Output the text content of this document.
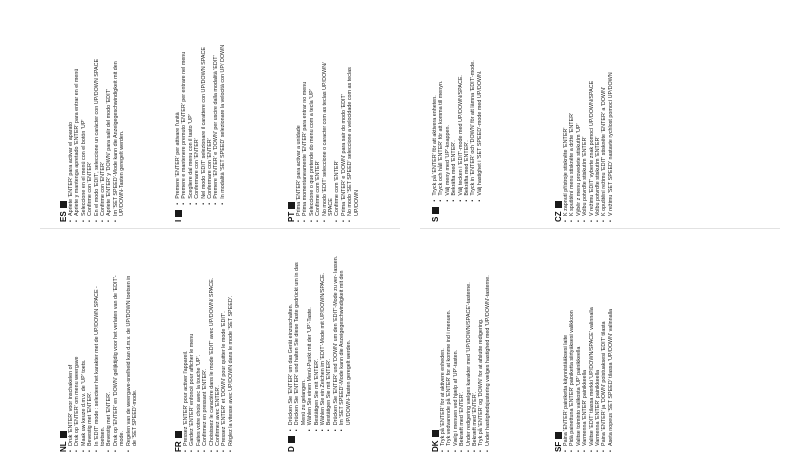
NL
• Druk 'ENTER' voor inschakelen of • Druk op 'ENTER' om menu weergave • Maak uw keuze d.m.v. de 'UP' toets. • Bevestig met 'ENTER'. • In 'EDIT' mode : selecteer het karakter met de UP/DOWN SPACE - toetsen. • Bevestig met 'ENTER'. • Druk op 'ENTER' en 'DOWN' gelijktijdig voor het verlaten van de 'EDIT'-mode. • Regelen van de weergave-snelheid kan d.m.v. de UP/DOWN toetsen in de 'SET SPEED'-mode.
FR
• Pressez 'ENTER' pour activer l'appareil. • Gardez 'ENTER' enfoncé pour afficher le menu • Faites votre choix avec la touche 'UP'. • Confirmez en pressant 'ENTER'. • Choisissez le caractère dans le mode 'EDIT' avec UP/DOWN/ SPACE. • Confirmez avec 'ENTER'. • Pressez 'ENTER' et 'DOWN' pour quitter le mode 'EDIT'. • Réglez la vitesse avec UP/DOWN dans le mode 'SET SPEED'.
D
• Drücken Sie 'ENTER' um das Gerät einzuschalten. • Drücken Sie 'ENTER' und halten Sie diese Taste gedrückt um in das Menü zu gelangen. • Wählen Sie einen Menü-Punkt mit der 'UP'-Taste. • Bestätigen Sie mit 'ENTER'. • Wählen Sie ein Zeichen im 'EDIT'-Mode mit UP/DOWN/SPACE. • Bestätigen Sie mit 'ENTER'. • Drücken Sie 'ENTER' und 'DOWN' um den 'EDIT'-Mode zu ver- lassen. • Im 'SET SPEED'-Mode kann die Anzeigegeschwindigkeit mit den UP/DOWN-Tasten geregelt werden.
DK
• Tryk på 'ENTER' for at aktivere enheden. • Tryk vedvarende på 'ENTER' for at komme ind i menuen. • Vælg i menuen ved hjælp af 'UP'-tasten. • Bekræft med 'ENTER'. • Under redigering vælges karakter med 'UP/DOWN/SPACE'-tasterne. • Bekræft med 'ENTER'. • Tryk på 'ENTER' og 'DOWN' for at afslutte redigering. • Under hastighedsjustering vælges hastighed med 'UP/DOWN'-tasterne.
SF
• Paina 'ENTER' painiketta käynnistääksesi laite • Pidä painettuna 'ENTER' painiketta siirtyäksesi valikkoon • Valitse toiminto valikosta 'UP' painikkeella • Varmenna 'ENTER' painikkeella • Valitse 'EDIT' tilassa merkki 'UP/DOWN/SPACE' valinnalla • Varmenna 'ENTER' painikkeella • Paina 'ENTER' ja 'DOWN' poistuaksesi 'EDIT' tilasta • Aseta nopeus 'SET SPEED' tilassa 'UP/DOWN' valinnalla
ES
• Apriete 'ENTER' para activar el aparato • Apriete y mantenga apretado 'ENTER' para entrar en el menú • Seleccione en el menú con el botón 'UP' • Confirme con 'ENTER' • En el modo 'EDIT', seleccione un carácter con UP/DOWN SPACE • Confirme con 'ENTER' • Apriete 'ENTER' y 'DOWN' para salir del modo 'EDIT' • Im 'SET SPEED'-Mode kann die Anzeigegeschwindigkeit mit den UP/DOWN-Tasten geregelt werden.
I
• Premere 'ENTER' per attivare l'unità • Premere e mantenere premuto 'ENTER' per entrare nel menu • Scegliere dal menu con il tasto 'UP' • Confermare con 'ENTER' • Nel modo 'EDIT' selezionare il carattere con UP/DOWN SPACE • Confermare con 'ENTER' • Premere 'ENTER' e 'DOWN' per uscire dalla modalità 'EDIT' • In modalità 'SET SPEED' selezionare la velocità con UP/ DOWN
PT
• Prima 'ENTER' para activar a unidade • Prima momentaneamente 'ENTER' para entrar no menu • Seleccione o que pretende do menu com a tecla 'UP' • Confirme com 'ENTER' • No modo 'EDIT' seleccione o caracter com as teclas UP/DOWN/ SPACE • Confirme com 'ENTER' • Prima 'ENTER' e 'DOWN' para sair do modo 'EDIT' • No modo 'SET SPEED' seleccione a velocidade com as teclas UP/DOWN
S
• Tryck på 'ENTER' för att aktivera enheten. • Tryck och håll 'ENTER' för att komma till menyn. • Välj meny med 'UP'-knappen. • Bekräfta med 'ENTER'. • Välj tecken i 'EDIT'-mode med UP/DOWN/SPACE. • Bekräfta med 'ENTER'. • Tryck in 'ENTER' och 'DOWN' för att lämna 'EDIT'-mode. • Välj hastighet i 'SET SPEED'-mode med UP/DOWN.
CZ
• K zapnutí přístroje stiskněte 'ENTER' • K spuštění menu stiskněte a držte 'ENTER' • Výběr z menu provedete stiskutím 'UP' • Volbu potvrďte stiskutím 'ENTER' • V režimu 'EDIT' vyberte znak pomocí UP/DOWN/SPACE • Volbu potvrďte stiskutím 'ENTER' • K opuštění režimu 'EDIT' stiskněte 'ENTER' a 'DOWN' • V režimu 'SET SPEED' nastavte rychlost pomocí UP/DOWN
